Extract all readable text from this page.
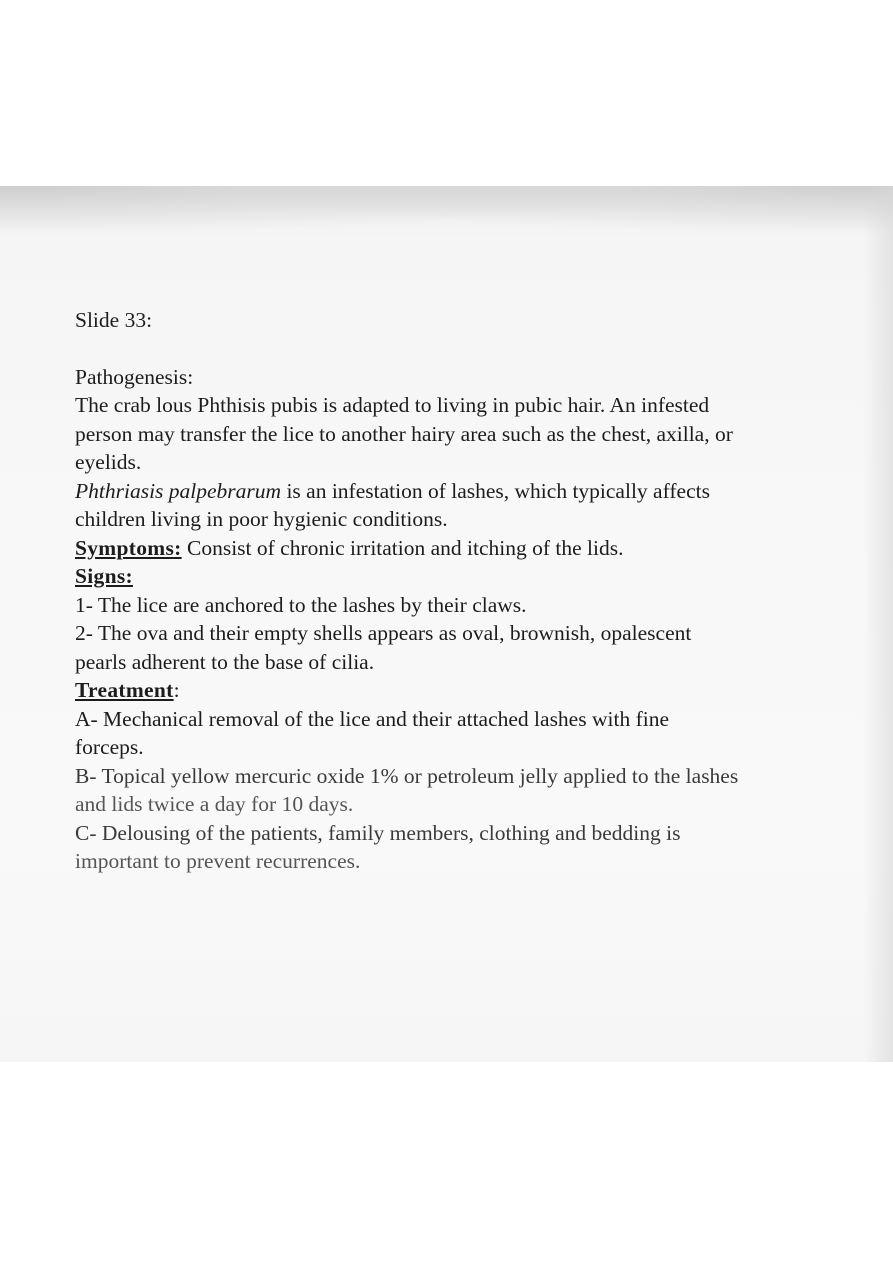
Slide 33:

Pathogenesis:

The crab lous Phthisis pubis is adapted to living in pubic hair. An infested

person may transfer the lice to another hairy area such as the chest, axilla, or

eyelids.

Phthriasis palpebrarum is an infestation of lashes, which typically affects

children living in poor hygienic conditions.

Symptoms: Consist of chronic irritation and itching of the lids.

Signs:

1- The lice are anchored to the lashes by their claws.

2- The ova and their empty shells appears as oval, brownish, opalescent

pearls adherent to the base of cilia.

Treatment:

A- Mechanical removal of the lice and their attached lashes with fine

forceps.

B- Topical yellow mercuric oxide 1% or petroleum jelly applied to the lashes

and lids twice a day for 10 days.

C- Delousing of the patients, family members, clothing and bedding is

important to prevent recurrences.
